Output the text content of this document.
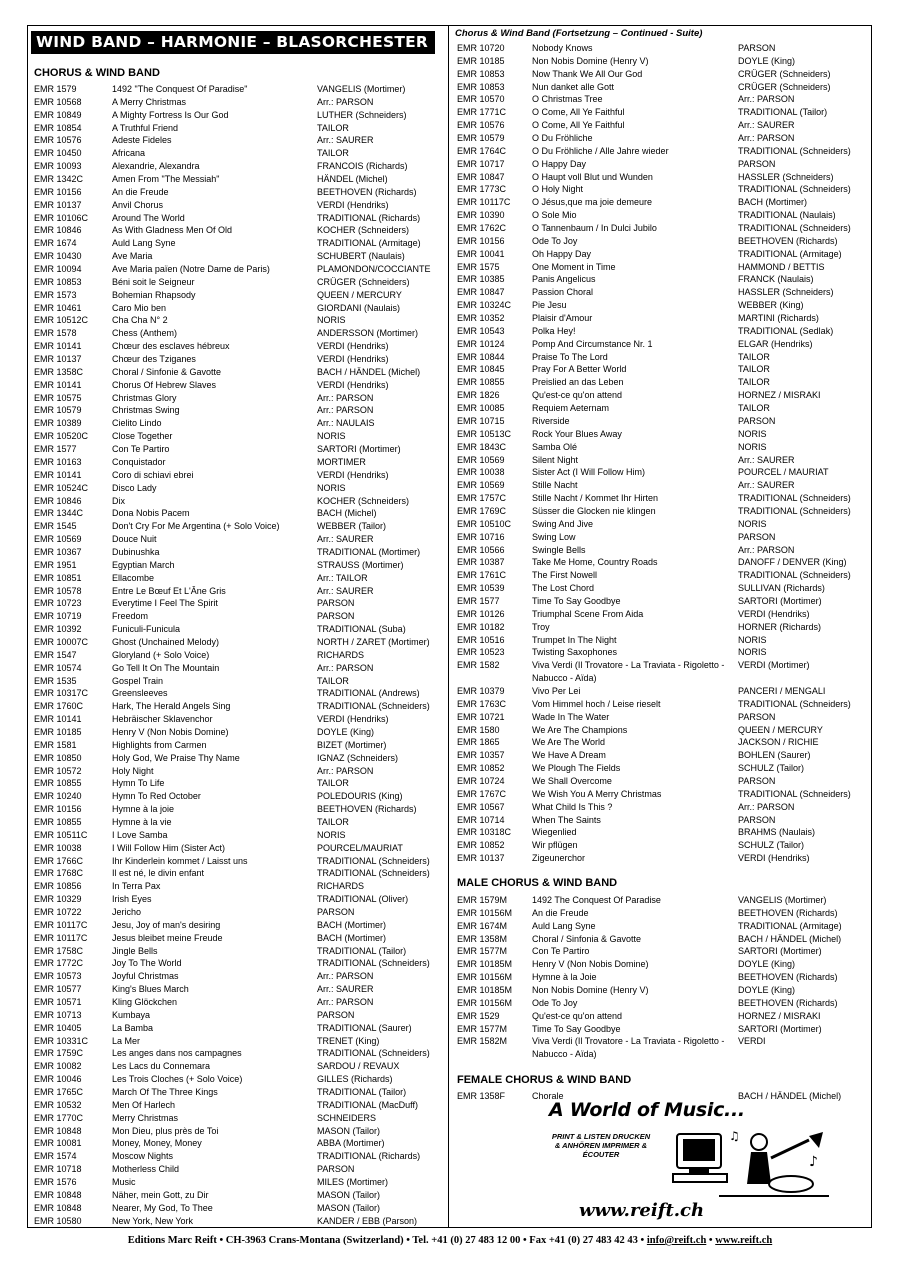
WIND BAND – HARMONIE – BLASORCHESTER
CHORUS & WIND BAND
EMR 1579	1492 "The Conquest Of Paradise"	VANGELIS (Mortimer)
EMR 10568	A Merry Christmas	Arr.: PARSON
EMR 10849	A Mighty Fortress Is Our God	LUTHER (Schneiders)
EMR 10854	A Truthful Friend	TAILOR
EMR 10576	Adeste Fideles	Arr.: SAURER
EMR 10450	Africana	TAILOR
EMR 10093	Alexandrie, Alexandra	FRANCOIS (Richards)
EMR 1342C	Amen From "The Messiah"	HÄNDEL (Michel)
EMR 10156	An die Freude	BEETHOVEN (Richards)
EMR 10137	Anvil Chorus	VERDI (Hendriks)
EMR 10106C	Around The World	TRADITIONAL (Richards)
EMR 10846	As With Gladness Men Of Old	KOCHER (Schneiders)
EMR 1674	Auld Lang Syne	TRADITIONAL (Armitage)
EMR 10430	Ave Maria	SCHUBERT (Naulais)
EMR 10094	Ave Maria païen (Notre Dame de Paris)	PLAMONDON/COCCIANTE
EMR 10853	Béni soit le Seigneur	CRÜGER (Schneiders)
EMR 1573	Bohemian Rhapsody	QUEEN / MERCURY
EMR 10461	Caro Mio ben	GIORDANI (Naulais)
EMR 10512C	Cha Cha N° 2	NORIS
EMR 1578	Chess (Anthem)	ANDERSSON (Mortimer)
EMR 10141	Chœur des esclaves hébreux	VERDI (Hendriks)
EMR 10137	Chœur des Tziganes	VERDI (Hendriks)
EMR 1358C	Choral / Sinfonie & Gavotte	BACH / HÄNDEL (Michel)
EMR 10141	Chorus Of Hebrew Slaves	VERDI (Hendriks)
EMR 10575	Christmas Glory	Arr.: PARSON
EMR 10579	Christmas Swing	Arr.: PARSON
EMR 10389	Cielito Lindo	Arr.: NAULAIS
EMR 10520C	Close Together	NORIS
EMR 1577	Con Te Partiro	SARTORI (Mortimer)
EMR 10163	Conquistador	MORTIMER
EMR 10141	Coro di schiavi ebrei	VERDI (Hendriks)
EMR 10524C	Disco Lady	NORIS
EMR 10846	Dix	KOCHER (Schneiders)
EMR 1344C	Dona Nobis Pacem	BACH (Michel)
EMR 1545	Don't Cry For Me Argentina (+ Solo Voice)	WEBBER (Tailor)
EMR 10569	Douce Nuit	Arr.: SAURER
EMR 10367	Dubinushka	TRADITIONAL (Mortimer)
EMR 1951	Egyptian March	STRAUSS (Mortimer)
EMR 10851	Ellacombe	Arr.: TAILOR
EMR 10578	Entre Le Bœuf Et L'Âne Gris	Arr.: SAURER
EMR 10723	Everytime I Feel The Spirit	PARSON
EMR 10719	Freedom	PARSON
EMR 10392	Funiculi-Funicula	TRADITIONAL (Suba)
EMR 10007C	Ghost (Unchained Melody)	NORTH / ZARET (Mortimer)
EMR 1547	Gloryland (+ Solo Voice)	RICHARDS
EMR 10574	Go Tell It On The Mountain	Arr.: PARSON
EMR 1535	Gospel Train	TAILOR
EMR 10317C	Greensleeves	TRADITIONAL (Andrews)
EMR 1760C	Hark, The Herald Angels Sing	TRADITIONAL (Schneiders)
EMR 10141	Hebräischer Sklavenchor	VERDI (Hendriks)
EMR 10185	Henry V (Non Nobis Domine)	DOYLE (King)
EMR 1581	Highlights from Carmen	BIZET (Mortimer)
EMR 10850	Holy God, We Praise Thy Name	IGNAZ (Schneiders)
EMR 10572	Holy Night	Arr.: PARSON
EMR 10855	Hymn To Life	TAILOR
EMR 10240	Hymn To Red October	POLEDOURIS (King)
EMR 10156	Hymne à la joie	BEETHOVEN (Richards)
EMR 10855	Hymne à la vie	TAILOR
EMR 10511C	I Love Samba	NORIS
EMR 10038	I Will Follow Him (Sister Act)	POURCEL/MAURIAT
EMR 1766C	Ihr Kinderlein kommet / Laisst uns	TRADITIONAL (Schneiders)
EMR 1768C	Il est né, le divin enfant	TRADITIONAL (Schneiders)
EMR 10856	In Terra Pax	RICHARDS
EMR 10329	Irish Eyes	TRADITIONAL (Oliver)
EMR 10722	Jericho	PARSON
EMR 10117C	Jesu, Joy of man's desiring	BACH (Mortimer)
EMR 10117C	Jesus bleibet meine Freude	BACH (Mortimer)
EMR 1758C	Jingle Bells	TRADITIONAL (Tailor)
EMR 1772C	Joy To The World	TRADITIONAL (Schneiders)
EMR 10573	Joyful Christmas	Arr.: PARSON
EMR 10577	King's Blues March	Arr.: SAURER
EMR 10571	Kling Glöckchen	Arr.: PARSON
EMR 10713	Kumbaya	PARSON
EMR 10405	La Bamba	TRADITIONAL (Saurer)
EMR 10331C	La Mer	TRENET (King)
EMR 1759C	Les anges dans nos campagnes	TRADITIONAL (Schneiders)
EMR 10082	Les Lacs du Connemara	SARDOU / REVAUX
EMR 10046	Les Trois Cloches (+ Solo Voice)	GILLES (Richards)
EMR 1765C	March Of The Three Kings	TRADITIONAL (Tailor)
EMR 10532	Men Of Harlech	TRADITIONAL (MacDuff)
EMR 1770C	Merry Christmas	SCHNEIDERS
EMR 10848	Mon Dieu, plus près de Toi	MASON (Tailor)
EMR 10081	Money, Money, Money	ABBA (Mortimer)
EMR 1574	Moscow Nights	TRADITIONAL (Richards)
EMR 10718	Motherless Child	PARSON
EMR 1576	Music	MILES (Mortimer)
EMR 10848	Näher, mein Gott, zu Dir	MASON (Tailor)
EMR 10848	Nearer, My God, To Thee	MASON (Tailor)
EMR 10580	New York, New York	KANDER / EBB (Parson)
Chorus & Wind Band (Fortsetzung – Continued - Suite)
EMR 10720	Nobody Knows	PARSON
EMR 10185	Non Nobis Domine (Henry V)	DOYLE (King)
EMR 10853	Now Thank We All Our God	CRÜGER (Schneiders)
EMR 10853	Nun danket alle Gott	CRÜGER (Schneiders)
EMR 10570	O Christmas Tree	Arr.: PARSON
EMR 1771C	O Come, All Ye Faithful	TRADITIONAL (Tailor)
EMR 10576	O Come, All Ye Faithful	Arr.: SAURER
EMR 10579	O Du Fröhliche	Arr.: PARSON
EMR 1764C	O Du Fröhliche / Alle Jahre wieder	TRADITIONAL (Schneiders)
EMR 10717	O Happy Day	PARSON
EMR 10847	O Haupt voll Blut und Wunden	HASSLER (Schneiders)
EMR 1773C	O Holy Night	TRADITIONAL (Schneiders)
EMR 10117C O Jésus,que ma joie demeure	BACH (Mortimer)
EMR 10390	O Sole Mio	TRADITIONAL (Naulais)
EMR 1762C	O Tannenbaum / In Dulci Jubilo	TRADITIONAL (Schneiders)
EMR 10156	Ode To Joy	BEETHOVEN (Richards)
EMR 10041	Oh Happy Day	TRADITIONAL (Armitage)
EMR 1575	One Moment in Time	HAMMOND / BETTIS
EMR 10385	Panis Angelicus	FRANCK (Naulais)
EMR 10847	Passion Choral	HASSLER (Schneiders)
EMR 10324C Pie Jesu	WEBBER (King)
EMR 10352	Plaisir d'Amour	MARTINI (Richards)
EMR 10543	Polka Hey!	TRADITIONAL (Sedlak)
EMR 10124	Pomp And Circumstance Nr. 1	ELGAR (Hendriks)
EMR 10844	Praise To The Lord	TAILOR
EMR 10845	Pray For A Better World	TAILOR
EMR 10855	Preislied an das Leben	TAILOR
EMR 1826	Qu'est-ce qu'on attend	HORNEZ / MISRAKI
EMR 10085	Requiem Aeternam	TAILOR
EMR 10715	Riverside	PARSON
EMR 10513C Rock Your Blues Away	NORIS
EMR 1843C	Samba Olé	NORIS
EMR 10569	Silent Night	Arr.: SAURER
EMR 10038	Sister Act (I Will Follow Him)	POURCEL / MAURIAT
EMR 10569	Stille Nacht	Arr.: SAURER
EMR 1757C	Stille Nacht / Kommet Ihr Hirten	TRADITIONAL (Schneiders)
EMR 1769C	Süsser die Glocken nie klingen	TRADITIONAL (Schneiders)
EMR 10510C Swing And Jive	NORIS
EMR 10716	Swing Low	PARSON
EMR 10566	Swingle Bells	Arr.: PARSON
EMR 10387	Take Me Home, Country Roads	DANOFF / DENVER (King)
EMR 1761C	The First Nowell	TRADITIONAL (Schneiders)
EMR 10539	The Lost Chord	SULLIVAN (Richards)
EMR 1577	Time To Say Goodbye	SARTORI (Mortimer)
EMR 10126	Triumphal Scene From Aida	VERDI (Hendriks)
EMR 10182	Troy	HORNER (Richards)
EMR 10516	Trumpet In The Night	NORIS
EMR 10523	Twisting Saxophones	NORIS
EMR 1582	Viva Verdi (Il Trovatore - La Traviata - Rigoletto - Nabucco - Aïda)
VERDI (Mortimer)
EMR 10379	Vivo Per Lei	PANCERI / MENGALI
EMR 1763C	Vom Himmel hoch / Leise rieselt	TRADITIONAL (Schneiders)
EMR 10721	Wade In The Water	PARSON
EMR 1580	We Are The Champions	QUEEN / MERCURY
EMR 1865	We Are The World	JACKSON / RICHIE
EMR 10357	We Have A Dream	BOHLEN (Saurer)
EMR 10852	We Plough The Fields	SCHULZ (Tailor)
EMR 10724	We Shall Overcome	PARSON
EMR 1767C	We Wish You A Merry Christmas	TRADITIONAL (Schneiders)
EMR 10567	What Child Is This ?	Arr.: PARSON
EMR 10714	When The Saints	PARSON
EMR 10318C Wiegenlied	BRAHMS (Naulais)
EMR 10852	Wir pflügen	SCHULZ (Tailor)
EMR 10137	Zigeunerchor	VERDI (Hendriks)
MALE CHORUS & WIND BAND
EMR 1579M	1492 The Conquest Of Paradise	VANGELIS (Mortimer)
EMR 10156M An die Freude	BEETHOVEN (Richards)
EMR 1674M	Auld Lang Syne	TRADITIONAL (Armitage)
EMR 1358M	Choral / Sinfonia & Gavotte	BACH / HÄNDEL (Michel)
EMR 1577M	Con Te Partiro	SARTORI (Mortimer)
EMR 10185M Henry V (Non Nobis Domine)	DOYLE (King)
EMR 10156M Hymne à la Joie	BEETHOVEN (Richards)
EMR 10185M Non Nobis Domine (Henry V)	DOYLE (King)
EMR 10156M Ode To Joy	BEETHOVEN (Richards)
EMR 1529	Qu'est-ce qu'on attend	HORNEZ / MISRAKI
EMR 1577M	Time To Say Goodbye	SARTORI (Mortimer)
EMR 1582M	Viva Verdi (Il Trovatore - La Traviata - Rigoletto - Nabucco - Aïda)
VERDI
FEMALE CHORUS & WIND BAND
EMR 1358F	Chorale	BACH / HÄNDEL (Michel)
A World of Music...
PRINT & LISTEN DRUCKEN & ANHÖREN IMPRIMER & ÉCOUTER	♪
♫
www.reift.ch
Editions Marc Reift • CH-3963 Crans-Montana (Switzerland) • Tel. +41 (0) 27 483 12 00 • Fax +41 (0) 27 483 42 43 • info@reift.ch • www.reift.ch
